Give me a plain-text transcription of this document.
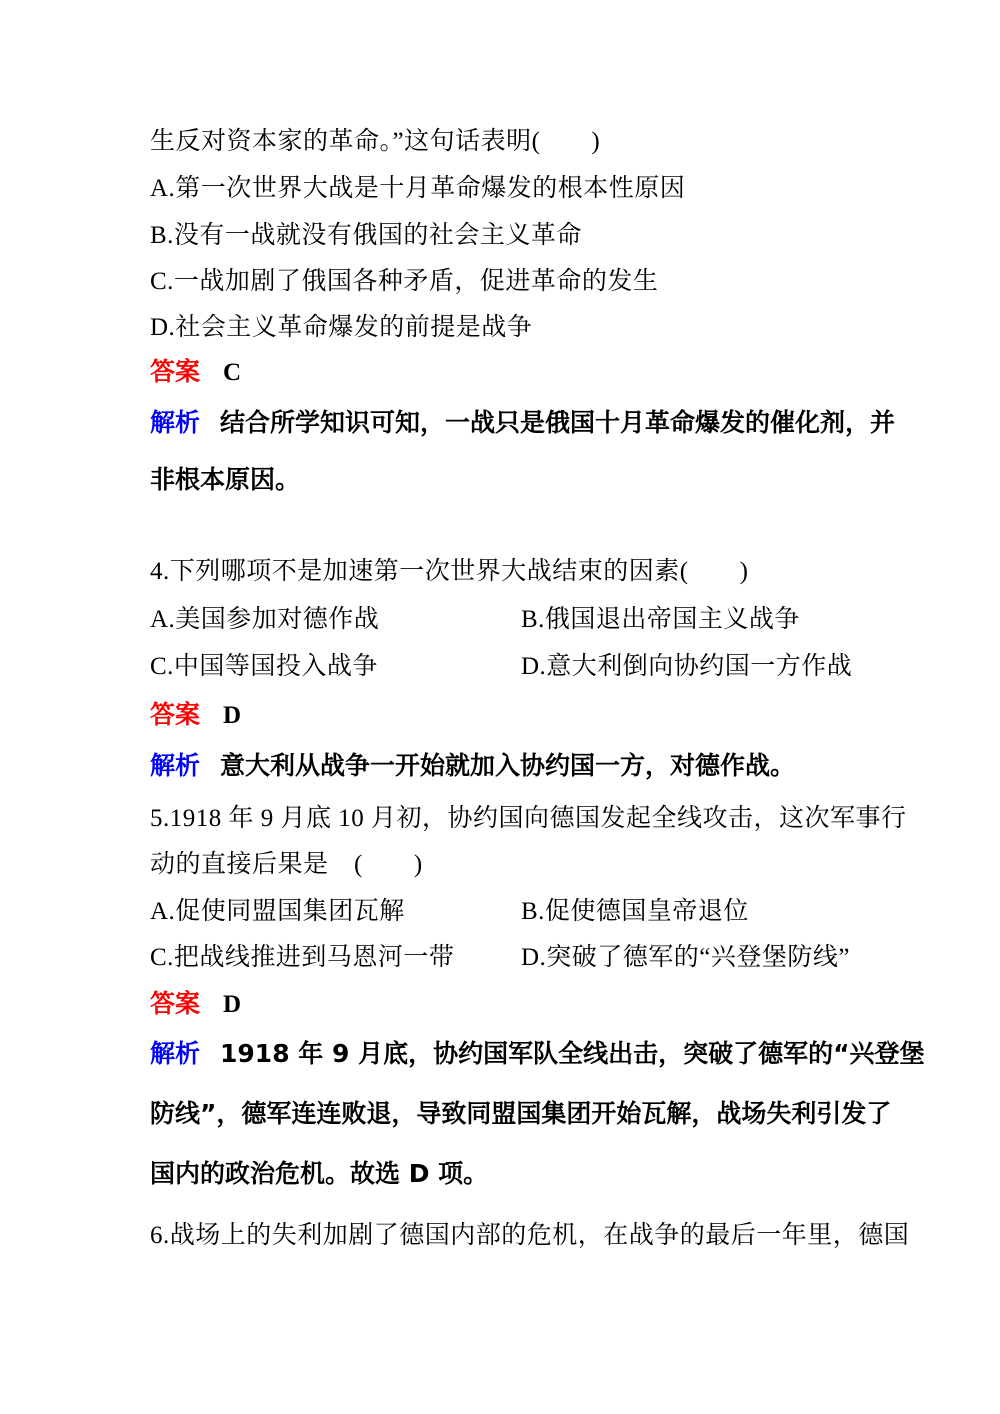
生反对资本家的革命。”这句话表明(　　)
A.第一次世界大战是十月革命爆发的根本性原因
B.没有一战就没有俄国的社会主义革命
C.一战加剧了俄国各种矛盾，促进革命的发生
D.社会主义革命爆发的前提是战争
答案 C
解析 结合所学知识可知，一战只是俄国十月革命爆发的催化剂，并
非根本原因。
4.下列哪项不是加速第一次世界大战结束的因素(　　)
A.美国参加对德作战	B.俄国退出帝国主义战争
C.中国等国投入战争	D.意大利倒向协约国一方作战
答案 D
解析 意大利从战争一开始就加入协约国一方，对德作战。
5.1918 年 9 月底 10 月初，协约国向德国发起全线攻击，这次军事行
动的直接后果是　(　　)
A.促使同盟国集团瓦解	B.促使德国皇帝退位
C.把战线推进到马恩河一带	D.突破了德军的“兴登堡防线”
答案 D
解析 1918 年 9 月底，协约国军队全线出击，突破了德军的“兴登堡
防线”，德军连连败退，导致同盟国集团开始瓦解，战场失利引发了
国内的政治危机。故选 D 项。
6.战场上的失利加剧了德国内部的危机，在战争的最后一年里，德国
